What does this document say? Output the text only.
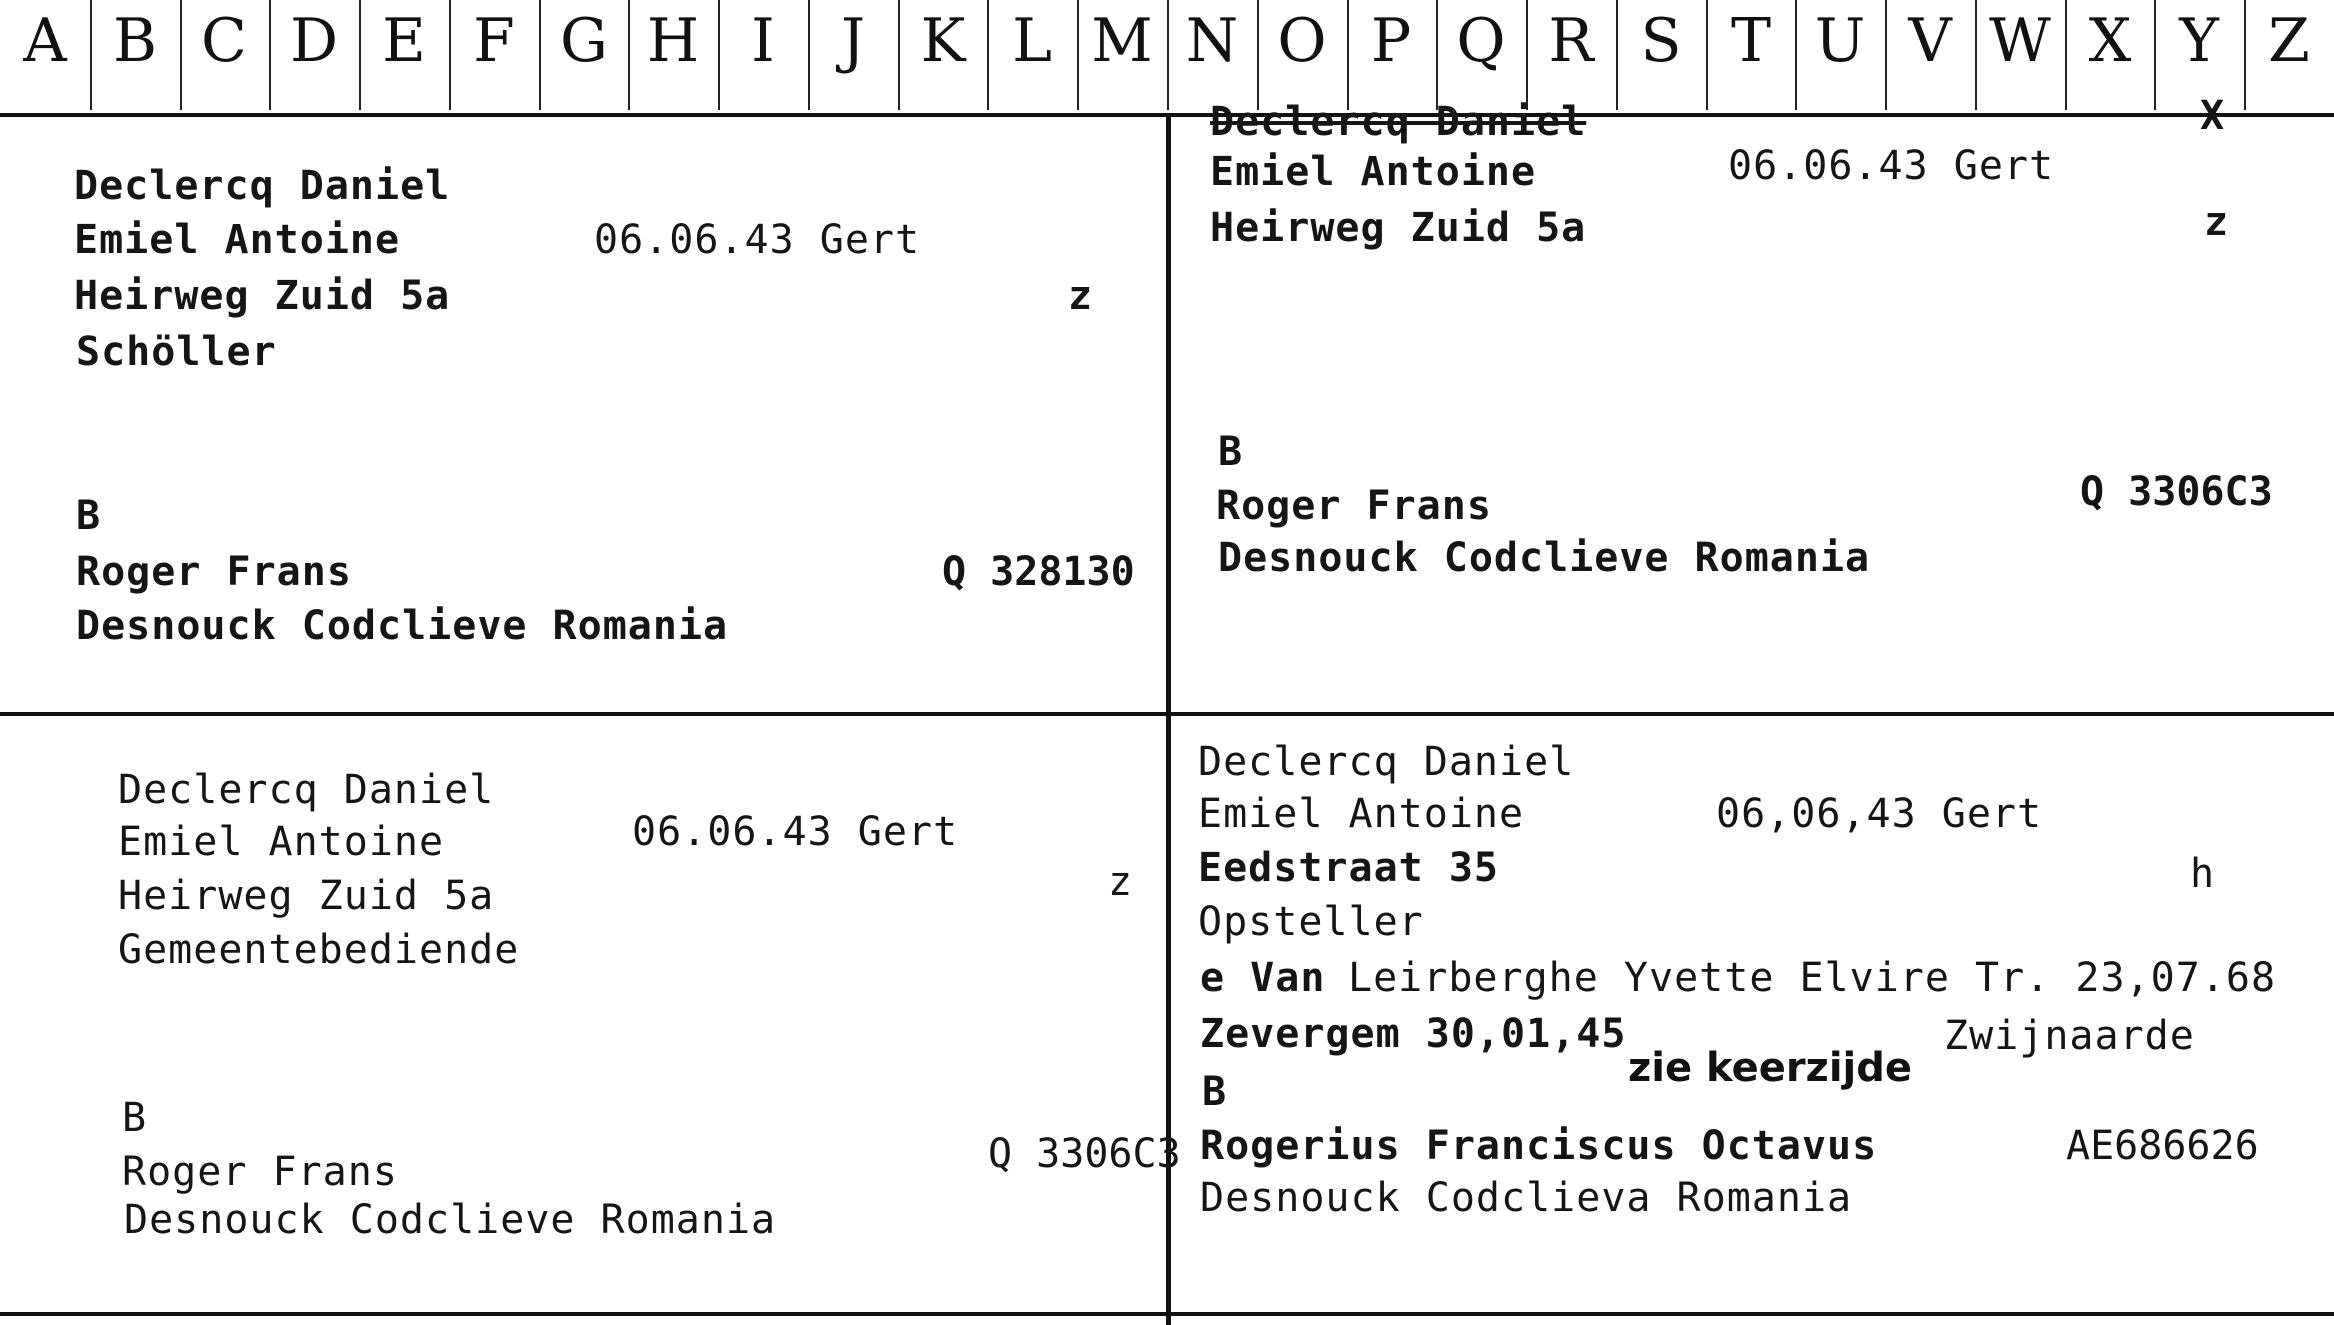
A B C D E F G H I	J K L M N O P Q R S T U V W X Y Z
Declercq Daniel
Emiel Antoine	06.06.43 Gert
Heirweg Zuid 5a	z
Schöller
B
Roger Frans	Q 328130
Desnouck Codclieve Romania
Declercq Daniel	X
Emiel Antoine	06.06.43 Gert
Heirweg Zuid 5a	z
B
Roger Frans	Q 3306C3
Desnouck Codclieve Romania
Declercq Daniel
Emiel Antoine	06.06.43 Gert
Heirweg Zuid 5a	z
Gemeentebediende
B
Roger Frans	Q 3306C3
Desnouck Codclieve Romania
Declercq Daniel
Emiel Antoine	06,06,43 Gert
Eedstraat 35	h
Opsteller
e Van Leirberghe Yvette Elvire Tr. 23,07.68
Zevergem 30,01,45	Zwijnaarde
zie keerzijde
B
Rogerius Franciscus Octavus	AE686626
Desnouck Codclieva Romania
